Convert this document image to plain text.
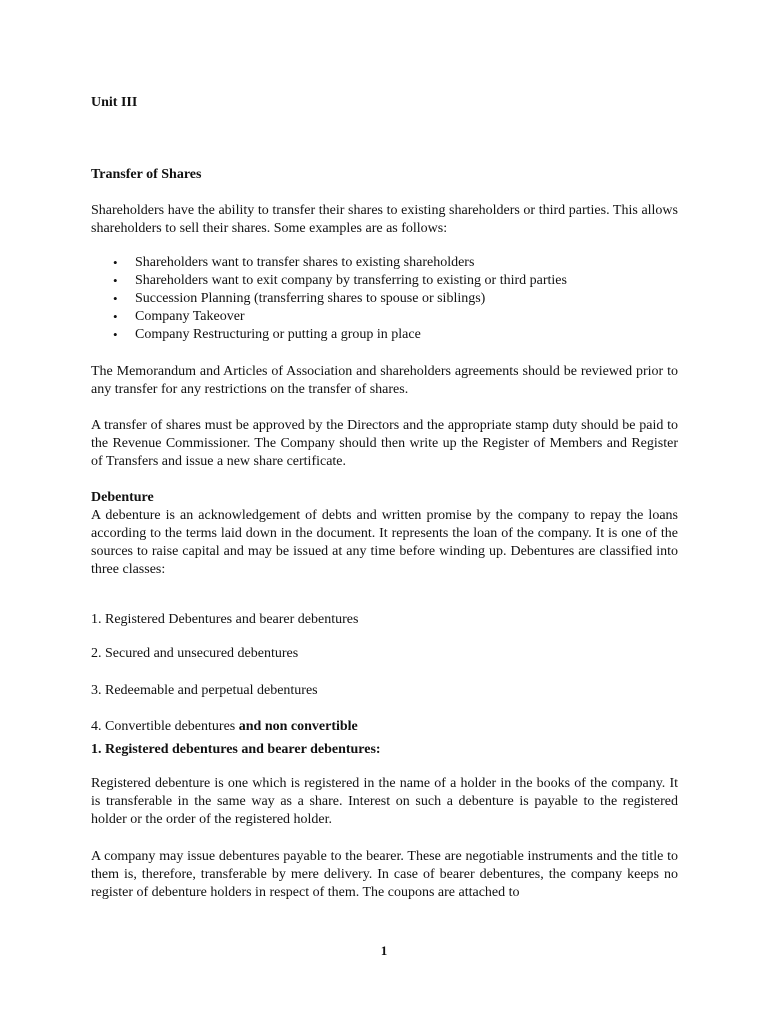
Unit III

Transfer of Shares

Shareholders have the ability to transfer their shares to existing shareholders or third parties. This allows shareholders to sell their shares. Some examples are as follows:

• Shareholders want to transfer shares to existing shareholders
• Shareholders want to exit company by transferring to existing or third parties
• Succession Planning (transferring shares to spouse or siblings)
• Company Takeover
• Company Restructuring or putting a group in place

The Memorandum and Articles of Association and shareholders agreements should be reviewed prior to any transfer for any restrictions on the transfer of shares.

A transfer of shares must be approved by the Directors and the appropriate stamp duty should be paid to the Revenue Commissioner. The Company should then write up the Register of Members and Register of Transfers and issue a new share certificate.

Debenture

A debenture is an acknowledgement of debts and written promise by the company to repay the loans according to the terms laid down in the document. It represents the loan of the company. It is one of the sources to raise capital and may be issued at any time before winding up. Debentures are classified into three classes:

1. Registered Debentures and bearer debentures

2. Secured and unsecured debentures

3. Redeemable and perpetual debentures

4. Convertible debentures and non convertible

1. Registered debentures and bearer debentures:

Registered debenture is one which is registered in the name of a holder in the books of the company. It is transferable in the same way as a share. Interest on such a debenture is payable to the registered holder or the order of the registered holder.

A company may issue debentures payable to the bearer. These are negotiable instruments and the title to them is, therefore, transferable by mere delivery. In case of bearer debentures, the company keeps no register of debenture holders in respect of them. The coupons are attached to

1
